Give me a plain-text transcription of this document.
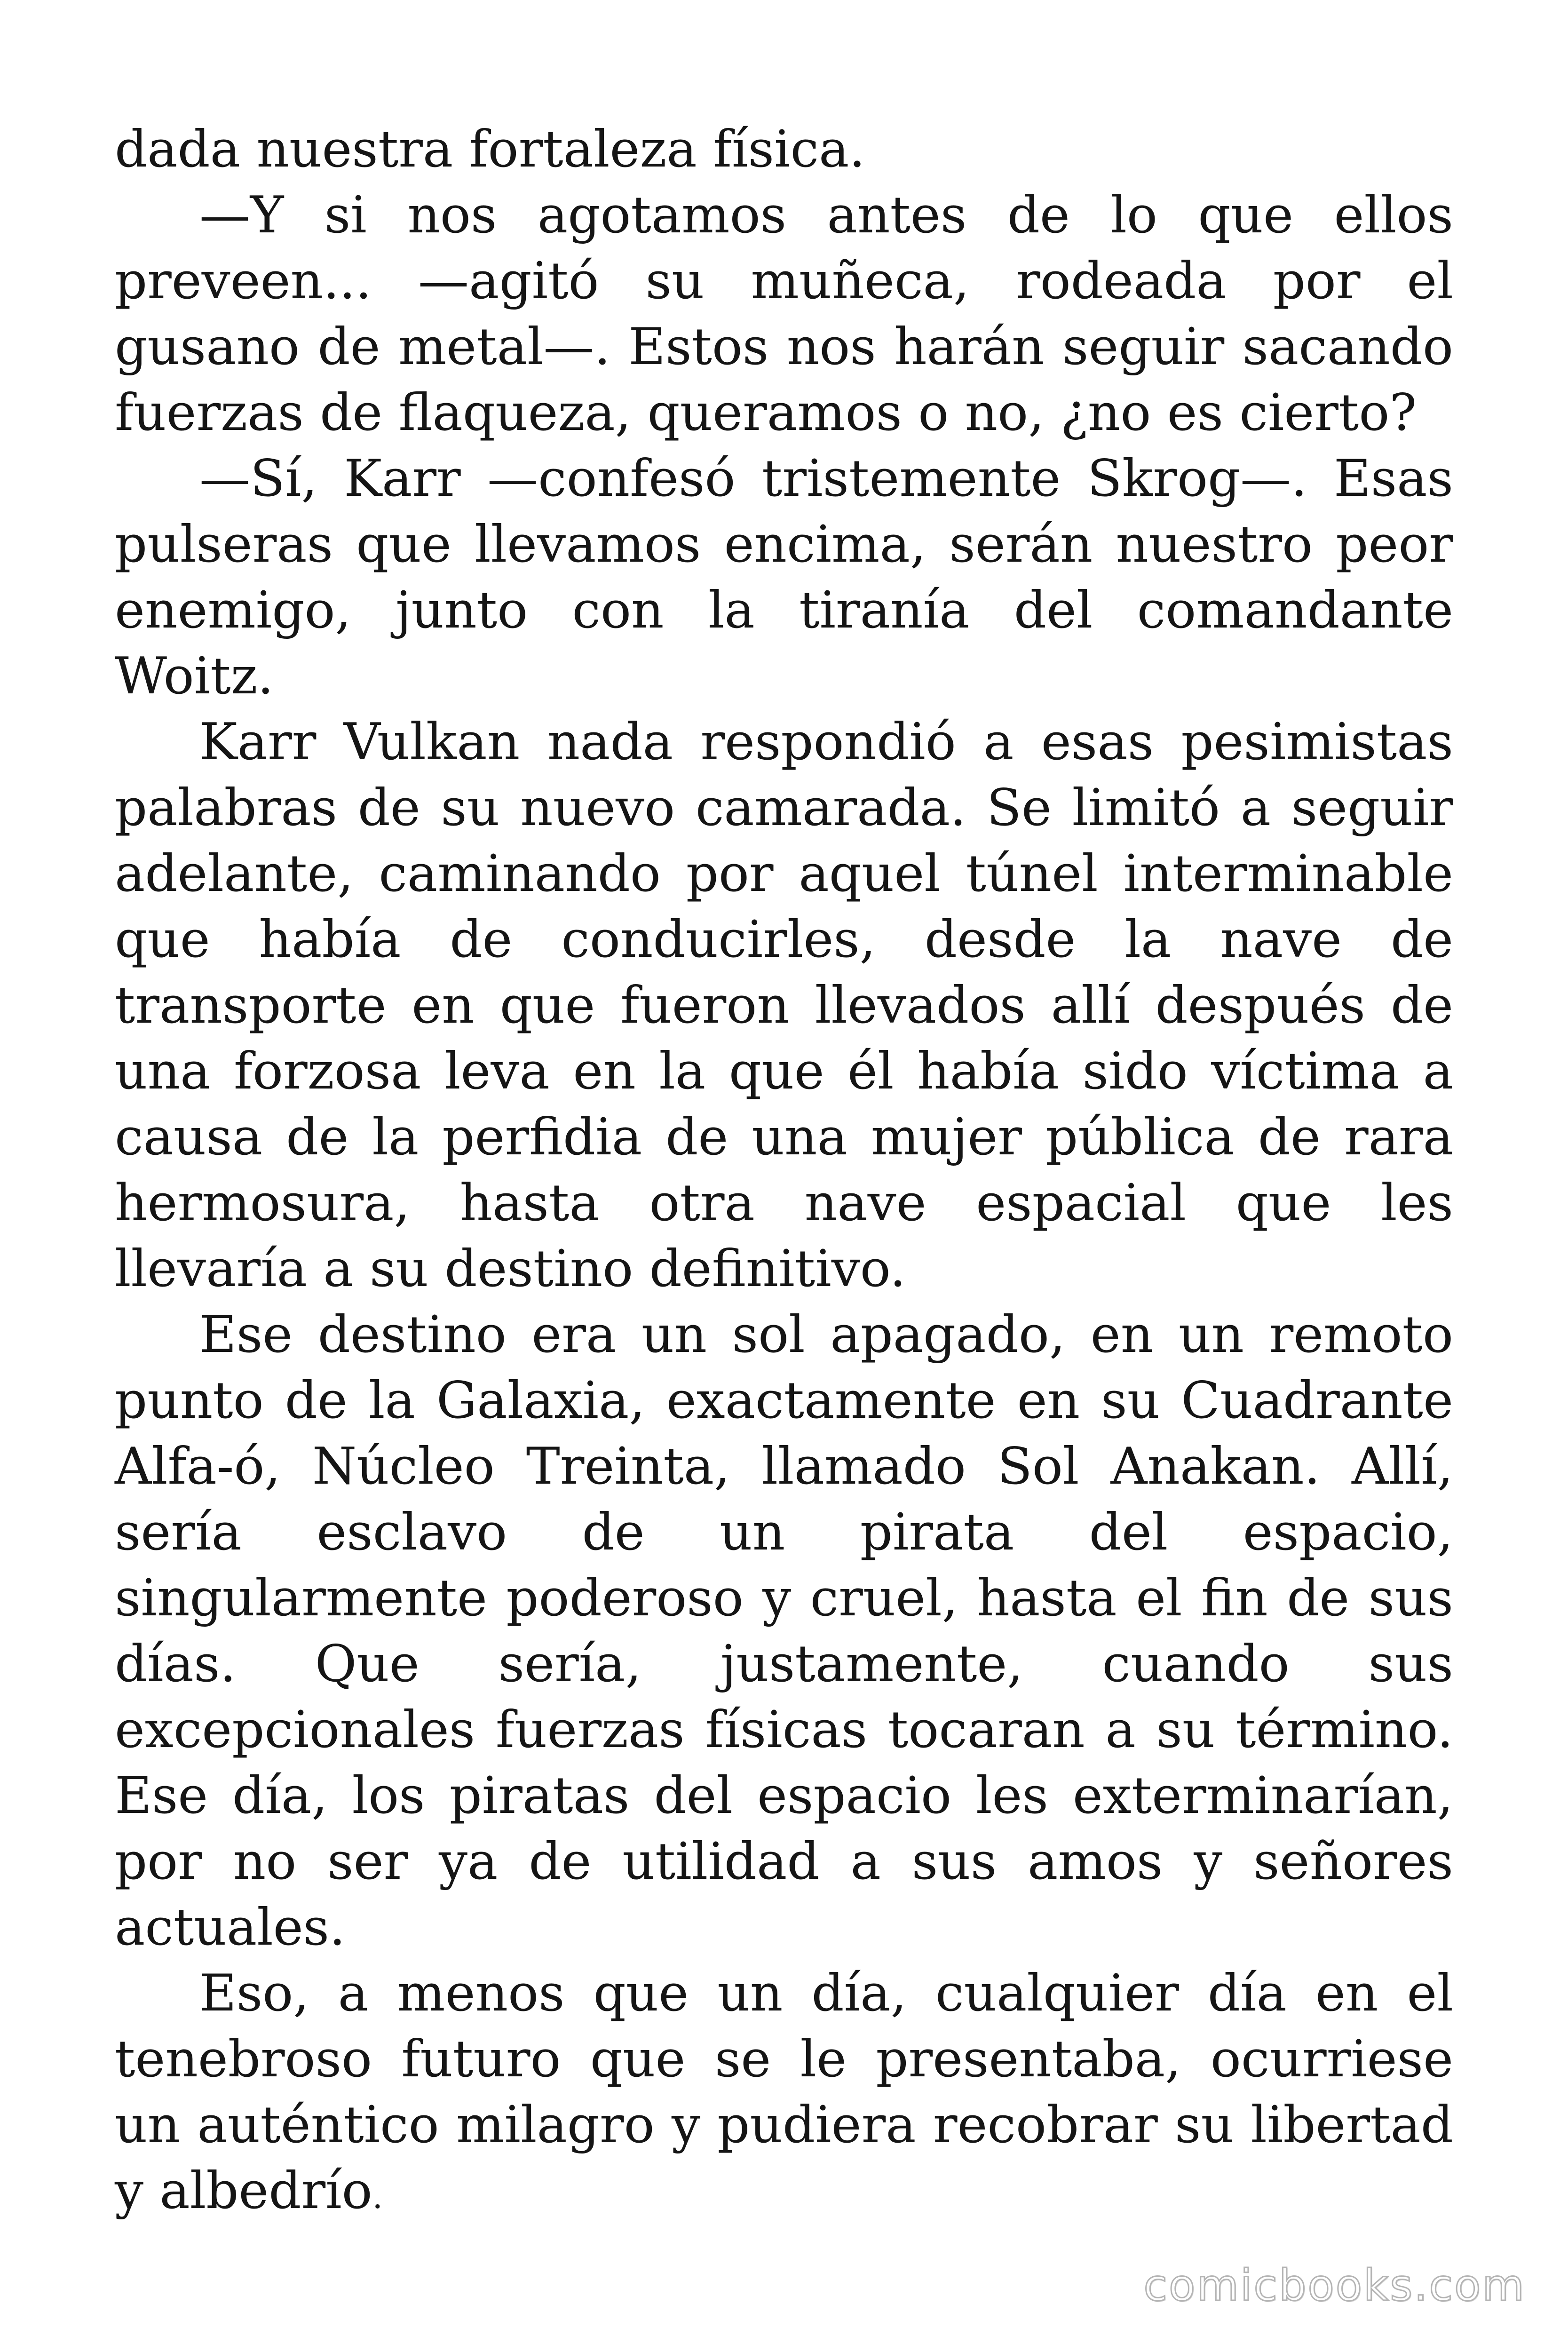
dada nuestra fortaleza física.

—Y si nos agotamos antes de lo que ellos preveen... —agitó su muñeca, rodeada por el gusano de metal—. Estos nos harán seguir sacando fuerzas de flaqueza, queramos o no, ¿no es cierto?

—Sí, Karr —confesó tristemente Skrog—. Esas pulseras que llevamos encima, serán nuestro peor enemigo, junto con la tiranía del comandante Woitz.

Karr Vulkan nada respondió a esas pesimistas palabras de su nuevo camarada. Se limitó a seguir adelante, caminando por aquel túnel interminable que había de conducirles, desde la nave de transporte en que fueron llevados allí después de una forzosa leva en la que él había sido víctima a causa de la perfidia de una mujer pública de rara hermosura, hasta otra nave espacial que les llevaría a su destino definitivo.

Ese destino era un sol apagado, en un remoto punto de la Galaxia, exactamente en su Cuadrante Alfa-ó, Núcleo Treinta, llamado Sol Anakan. Allí, sería esclavo de un pirata del espacio, singularmente poderoso y cruel, hasta el fin de sus días. Que sería, justamente, cuando sus excepcionales fuerzas físicas tocaran a su término. Ese día, los piratas del espacio les exterminarían, por no ser ya de utilidad a sus amos y señores actuales.

Eso, a menos que un día, cualquier día en el tenebroso futuro que se le presentaba, ocurriese un auténtico milagro y pudiera recobrar su libertad y albedrío.

comicbooks.com
